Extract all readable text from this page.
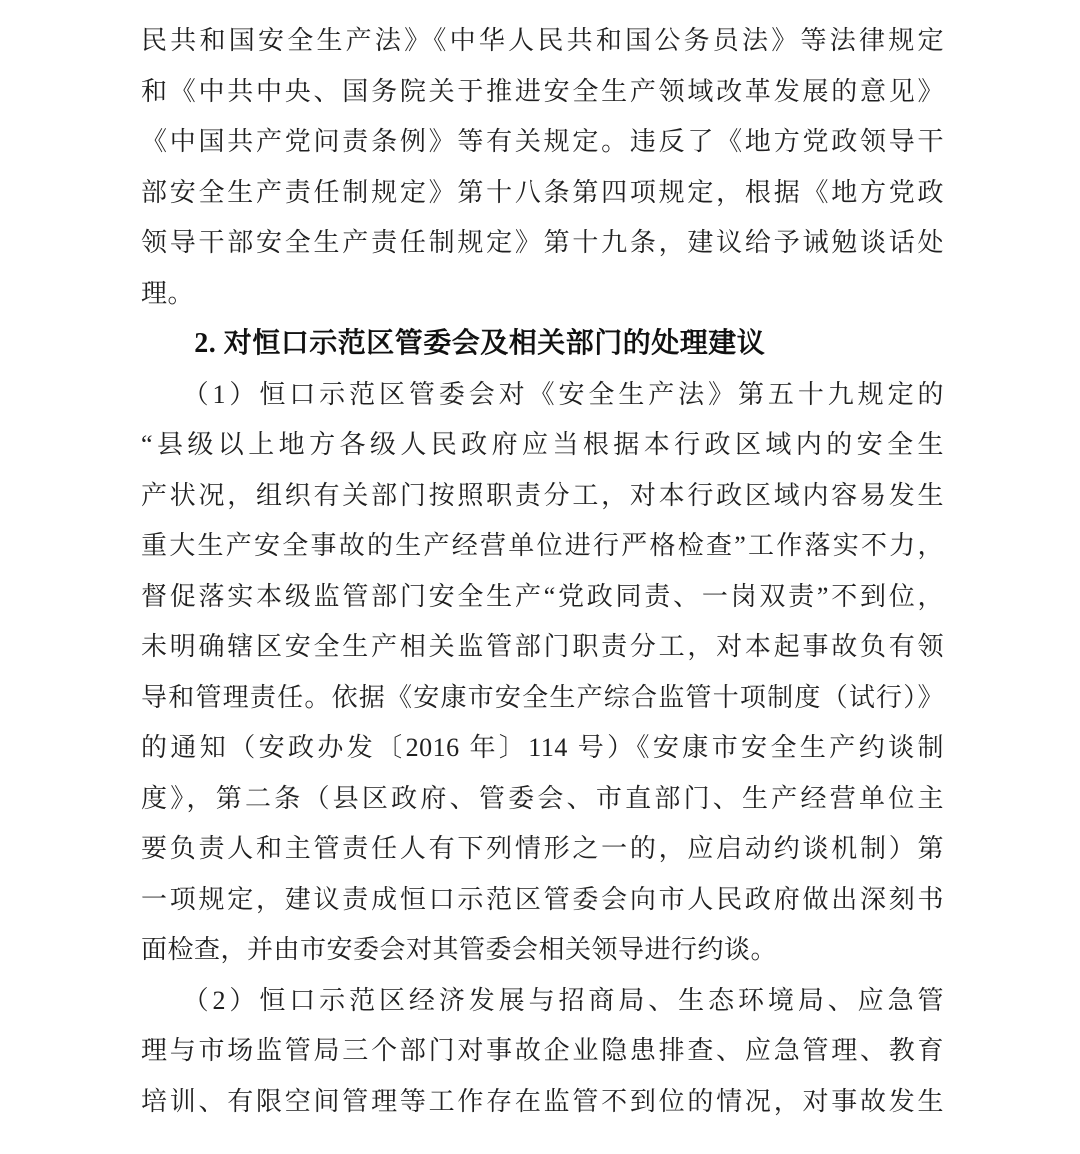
民共和国安全生产法》《中华人民共和国公务员法》等法律规定
和《中共中央、国务院关于推进安全生产领域改革发展的意见》
《中国共产党问责条例》等有关规定。违反了《地方党政领导干
部安全生产责任制规定》第十八条第四项规定，根据《地方党政
领导干部安全生产责任制规定》第十九条，建议给予诫勉谈话处
理。
2. 对恒口示范区管委会及相关部门的处理建议
（1）恒口示范区管委会对《安全生产法》第五十九规定的
“县级以上地方各级人民政府应当根据本行政区域内的安全生
产状况，组织有关部门按照职责分工，对本行政区域内容易发生
重大生产安全事故的生产经营单位进行严格检查”工作落实不力，
督促落实本级监管部门安全生产“党政同责、一岗双责”不到位，
未明确辖区安全生产相关监管部门职责分工，对本起事故负有领
导和管理责任。依据《安康市安全生产综合监管十项制度（试行）》
的通知（安政办发〔2016 年〕114 号）《安康市安全生产约谈制
度》，第二条（县区政府、管委会、市直部门、生产经营单位主
要负责人和主管责任人有下列情形之一的，应启动约谈机制）第
一项规定，建议责成恒口示范区管委会向市人民政府做出深刻书
面检查，并由市安委会对其管委会相关领导进行约谈。
（2）恒口示范区经济发展与招商局、生态环境局、应急管
理与市场监管局三个部门对事故企业隐患排查、应急管理、教育
培训、有限空间管理等工作存在监管不到位的情况，对事故发生
